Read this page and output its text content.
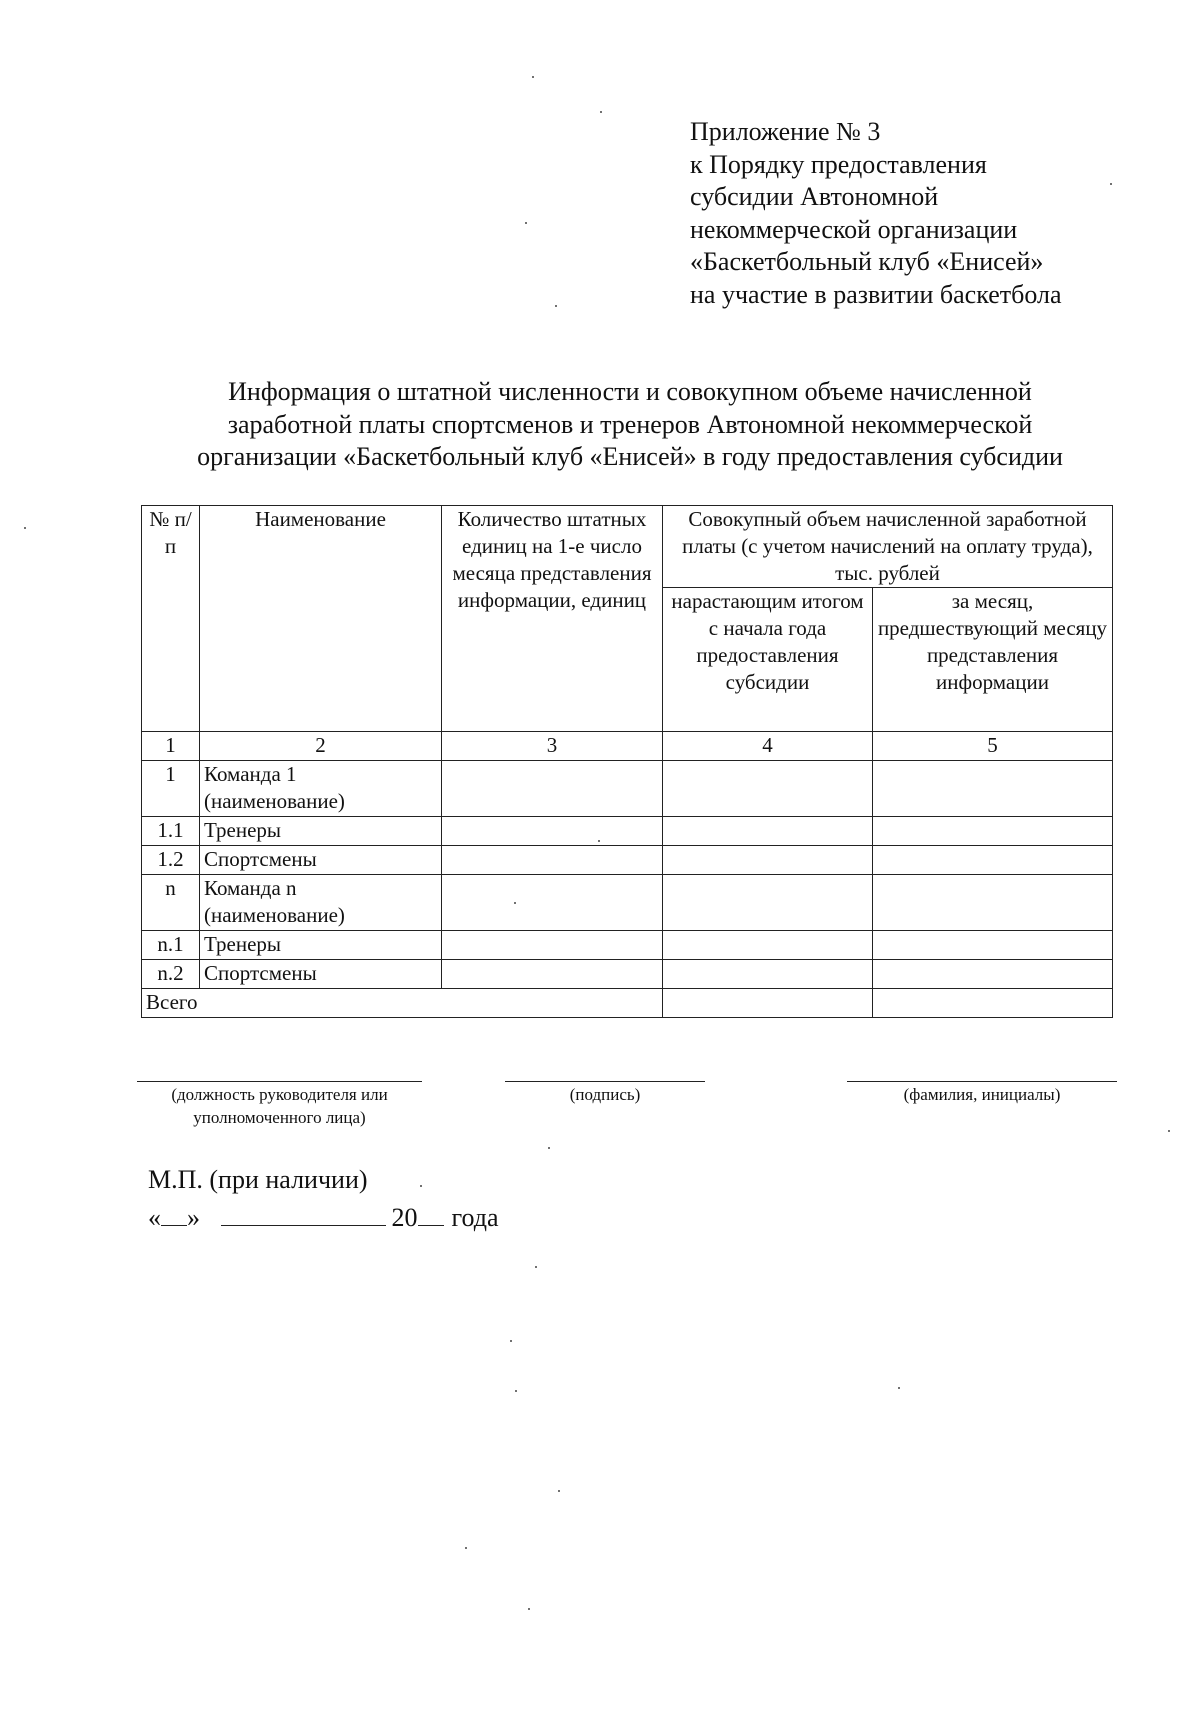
Приложение № 3
к Порядку предоставления
субсидии Автономной
некоммерческой организации
«Баскетбольный клуб «Енисей»
на участие в развитии баскетбола
Информация о штатной численности и совокупном объеме начисленной
заработной платы спортсменов и тренеров Автономной некоммерческой
организации «Баскетбольный клуб «Енисей» в году предоставления субсидии
№ п/п	Наименование	Количество штатных единиц на 1-е число месяца представления информации, единиц	Совокупный объем начисленной заработной платы (с учетом начислений на оплату труда), тыс. рублей	
			нарастающим итогом с начала года предоставления субсидии	за месяц, предшествующий месяцу представления информации
1	2	3	4	5
1	Команда 1 (наименование)			
1.1	Тренеры			
1.2	Спортсмены			
n	Команда n (наименование)			
n.1	Тренеры			
n.2	Спортсмены			
Всего				
(должность руководителя или
уполномоченного лица)
(подпись)	(фамилия, инициалы)
М.П. (при наличии)
« »	20 года
